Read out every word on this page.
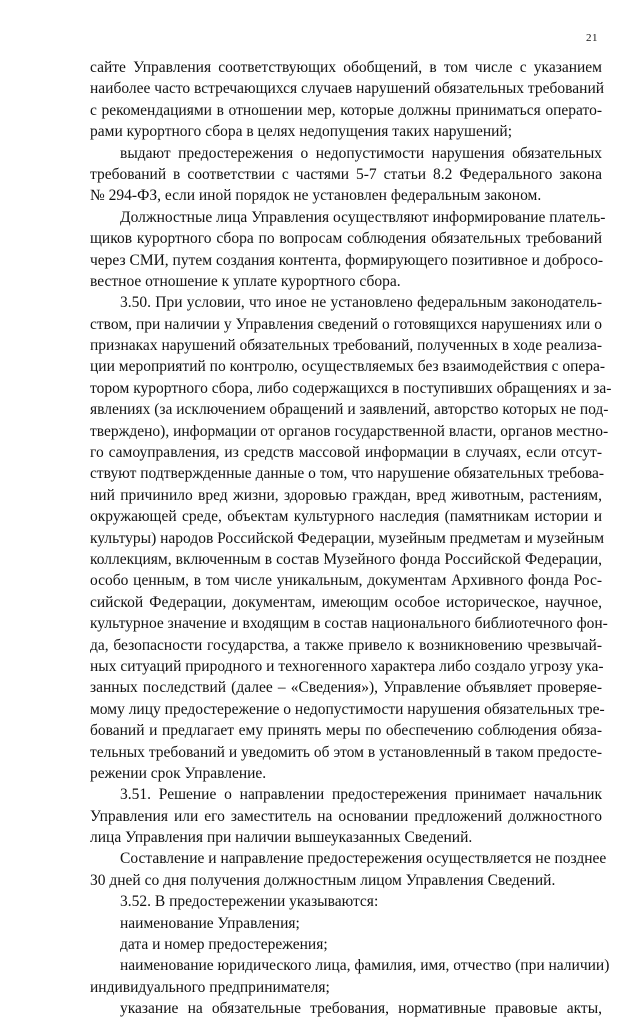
21
сайте Управления соответствующих обобщений, в том числе с указанием
наиболее часто встречающихся случаев нарушений обязательных требований
с рекомендациями в отношении мер, которые должны приниматься операто-
рами курортного сбора в целях недопущения таких нарушений;
выдают предостережения о недопустимости нарушения обязательных
требований в соответствии с частями 5-7 статьи 8.2 Федерального закона
№ 294-ФЗ, если иной порядок не установлен федеральным законом.
Должностные лица Управления осуществляют информирование платель-
щиков курортного сбора по вопросам соблюдения обязательных требований
через СМИ, путем создания контента, формирующего позитивное и добросо-
вестное отношение к уплате курортного сбора.
3.50. При условии, что иное не установлено федеральным законодатель-
ством, при наличии у Управления сведений о готовящихся нарушениях или о
признаках нарушений обязательных требований, полученных в ходе реализа-
ции мероприятий по контролю, осуществляемых без взаимодействия с опера-
тором курортного сбора, либо содержащихся в поступивших обращениях и за-
явлениях (за исключением обращений и заявлений, авторство которых не под-
тверждено), информации от органов государственной власти, органов местно-
го самоуправления, из средств массовой информации в случаях, если отсут-
ствуют подтвержденные данные о том, что нарушение обязательных требова-
ний причинило вред жизни, здоровью граждан, вред животным, растениям,
окружающей среде, объектам культурного наследия (памятникам истории и
культуры) народов Российской Федерации, музейным предметам и музейным
коллекциям, включенным в состав Музейного фонда Российской Федерации,
особо ценным, в том числе уникальным, документам Архивного фонда Рос-
сийской Федерации, документам, имеющим особое историческое, научное,
культурное значение и входящим в состав национального библиотечного фон-
да, безопасности государства, а также привело к возникновению чрезвычай-
ных ситуаций природного и техногенного характера либо создало угрозу ука-
занных последствий (далее – «Сведения»), Управление объявляет проверяе-
мому лицу предостережение о недопустимости нарушения обязательных тре-
бований и предлагает ему принять меры по обеспечению соблюдения обяза-
тельных требований и уведомить об этом в установленный в таком предосте-
режении срок Управление.
3.51. Решение о направлении предостережения принимает начальник
Управления или его заместитель на основании предложений должностного
лица Управления при наличии вышеуказанных Сведений.
Составление и направление предостережения осуществляется не позднее
30 дней со дня получения должностным лицом Управления Сведений.
3.52. В предостережении указываются:
наименование Управления;
дата и номер предостережения;
наименование юридического лица, фамилия, имя, отчество (при наличии)
индивидуального предпринимателя;
указание на обязательные требования, нормативные правовые акты,
